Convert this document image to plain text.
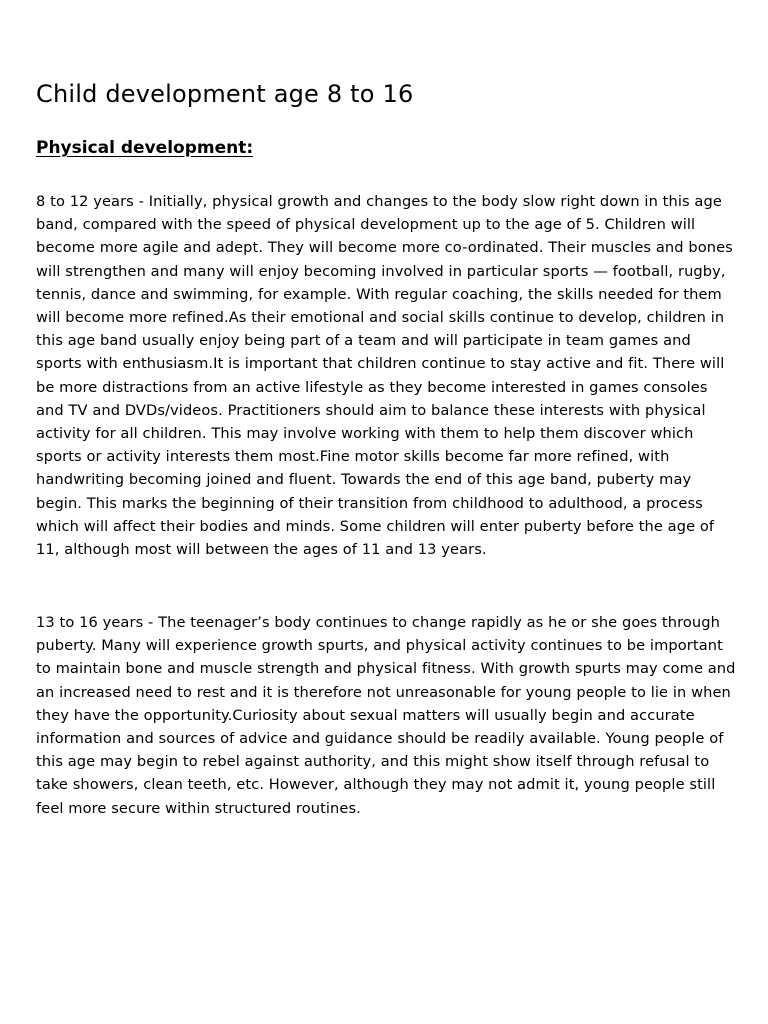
Child development age 8 to 16
Physical development:

8 to 12 years - Initially, physical growth and changes to the body slow right down in this age band, compared with the speed of physical development up to the age of 5. Children will become more agile and adept. They will become more co-ordinated. Their muscles and bones will strengthen and many will enjoy becoming involved in particular sports — football, rugby, tennis, dance and swimming, for example. With regular coaching, the skills needed for them will become more refined.As their emotional and social skills continue to develop, children in this age band usually enjoy being part of a team and will participate in team games and sports with enthusiasm.It is important that children continue to stay active and fit. There will be more distractions from an active lifestyle as they become interested in games consoles and TV and DVDs/videos. Practitioners should aim to balance these interests with physical activity for all children. This may involve working with them to help them discover which sports or activity interests them most.Fine motor skills become far more refined, with handwriting becoming joined and fluent. Towards the end of this age band, puberty may begin. This marks the beginning of their transition from childhood to adulthood, a process which will affect their bodies and minds. Some children will enter puberty before the age of 11, although most will between the ages of 11 and 13 years.

13 to 16 years - The teenager’s body continues to change rapidly as he or she goes through puberty. Many will experience growth spurts, and physical activity continues to be important to maintain bone and muscle strength and physical fitness. With growth spurts may come and an increased need to rest and it is therefore not unreasonable for young people to lie in when they have the opportunity.Curiosity about sexual matters will usually begin and accurate information and sources of advice and guidance should be readily available. Young people of this age may begin to rebel against authority, and this might show itself through refusal to take showers, clean teeth, etc. However, although they may not admit it, young people still feel more secure within structured routines.
